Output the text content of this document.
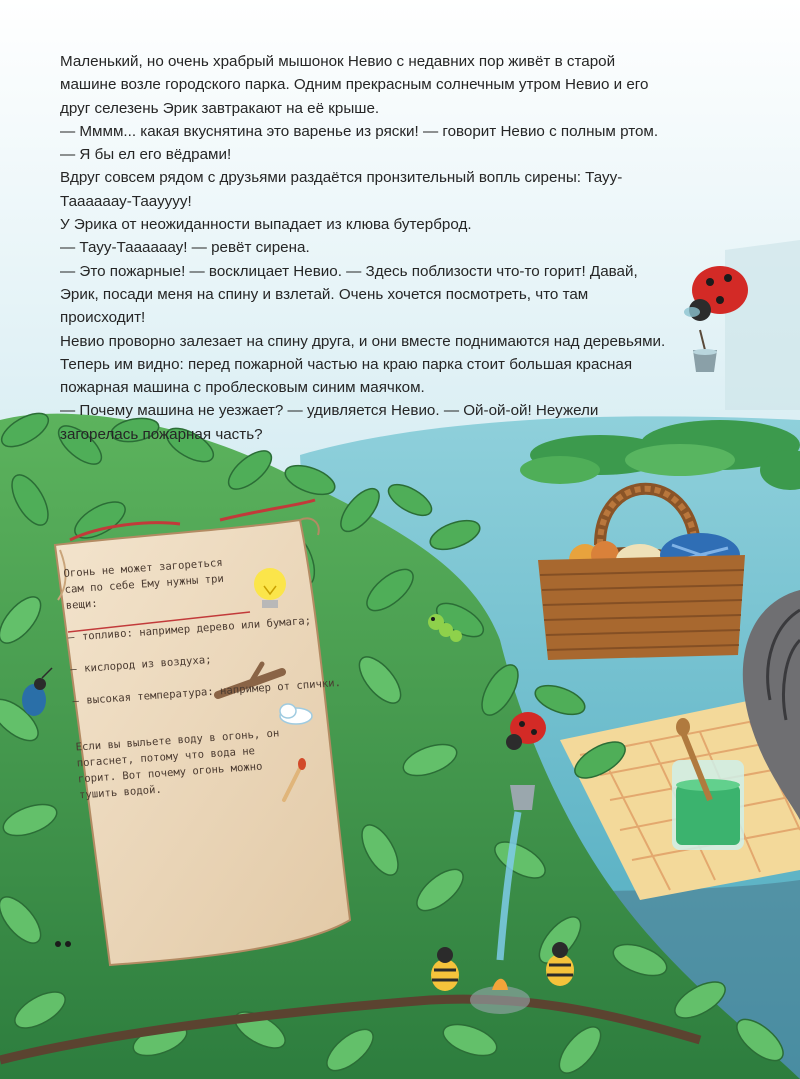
Маленький, но очень храбрый мышонок Невио с недавних пор живёт в старой машине возле городского парка. Одним прекрасным солнечным утром Невио и его друг селезень Эрик завтракают на её крыше.

— Мммм... какая вкуснятина это варенье из ряски! — говорит Невио с полным ртом. — Я бы ел его вёдрами!

Вдруг совсем рядом с друзьями раздаётся пронзительный вопль сирены: Тауу-Таааааау-Таауууу!

У Эрика от неожиданности выпадает из клюва бутерброд.

— Тауу-Таааааау! — ревёт сирена.

— Это пожарные! — восклицает Невио. — Здесь поблизости что-то горит! Давай, Эрик, посади меня на спину и взлетай. Очень хочется посмотреть, что там происходит!

Невио проворно залезает на спину друга, и они вместе поднимаются над деревьями. Теперь им видно: перед пожарной частью на краю парка стоит большая красная пожарная машина с проблесковым синим маячком.

— Почему машина не уезжает? — удивляется Невио. — Ой-ой-ой! Неужели загорелась пожарная часть?

Огонь не может загореться сам по себе Ему нужны три вещи:
– топливо: например дерево или бумага;
– кислород из воздуха;
– высокая температура: например от спички.
Если вы выльете воду в огонь, он погаснет, потому что вода не горит. Вот почему огонь можно тушить водой.
